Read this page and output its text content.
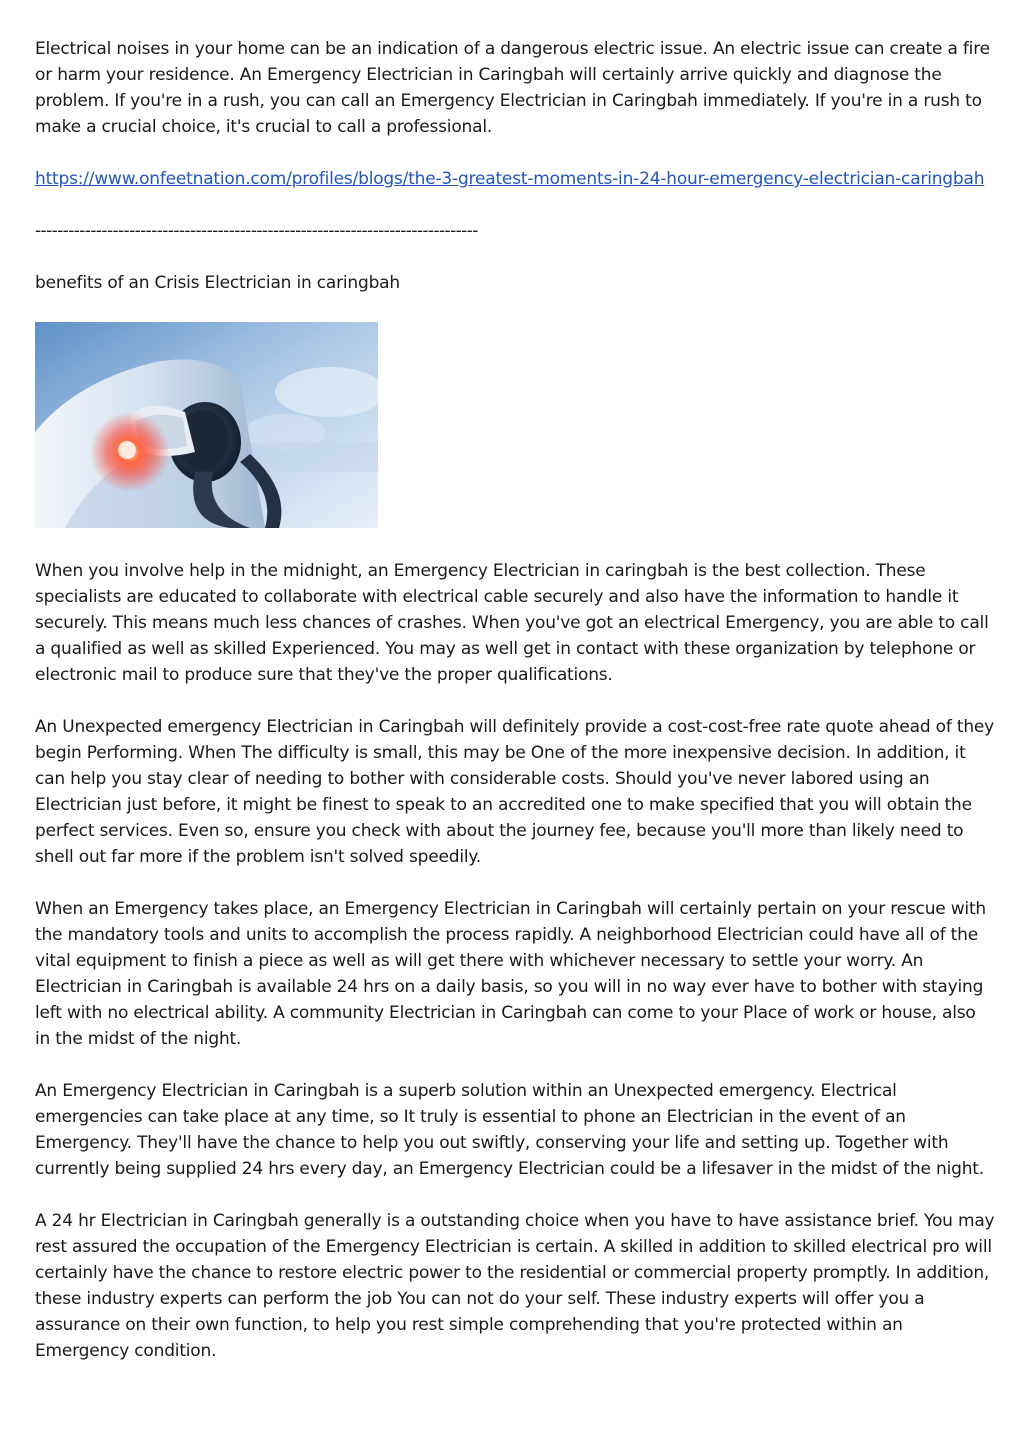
Electrical noises in your home can be an indication of a dangerous electric issue. An electric issue can create a fire or harm your residence. An Emergency Electrician in Caringbah will certainly arrive quickly and diagnose the problem. If you're in a rush, you can call an Emergency Electrician in Caringbah immediately. If you're in a rush to make a crucial choice, it's crucial to call a professional.

https://www.onfeetnation.com/profiles/blogs/the-3-greatest-moments-in-24-hour-emergency-electrician-caringbah
--------------------------------------------------------------------------------

benefits of an Crisis Electrician in caringbah

When you involve help in the midnight, an Emergency Electrician in caringbah is the best collection. These specialists are educated to collaborate with electrical cable securely and also have the information to handle it securely. This means much less chances of crashes. When you've got an electrical Emergency, you are able to call a qualified as well as skilled Experienced. You may as well get in contact with these organization by telephone or electronic mail to produce sure that they've the proper qualifications.

An Unexpected emergency Electrician in Caringbah will definitely provide a cost-cost-free rate quote ahead of they begin Performing. When The difficulty is small, this may be One of the more inexpensive decision. In addition, it can help you stay clear of needing to bother with considerable costs. Should you've never labored using an Electrician just before, it might be finest to speak to an accredited one to make specified that you will obtain the perfect services. Even so, ensure you check with about the journey fee, because you'll more than likely need to shell out far more if the problem isn't solved speedily.

When an Emergency takes place, an Emergency Electrician in Caringbah will certainly pertain on your rescue with the mandatory tools and units to accomplish the process rapidly. A neighborhood Electrician could have all of the vital equipment to finish a piece as well as will get there with whichever necessary to settle your worry. An Electrician in Caringbah is available 24 hrs on a daily basis, so you will in no way ever have to bother with staying left with no electrical ability. A community Electrician in Caringbah can come to your Place of work or house, also in the midst of the night.

An Emergency Electrician in Caringbah is a superb solution within an Unexpected emergency. Electrical emergencies can take place at any time, so It truly is essential to phone an Electrician in the event of an Emergency. They'll have the chance to help you out swiftly, conserving your life and setting up. Together with currently being supplied 24 hrs every day, an Emergency Electrician could be a lifesaver in the midst of the night.

A 24 hr Electrician in Caringbah generally is a outstanding choice when you have to have assistance brief. You may rest assured the occupation of the Emergency Electrician is certain. A skilled in addition to skilled electrical pro will certainly have the chance to restore electric power to the residential or commercial property promptly. In addition, these industry experts can perform the job You can not do your self. These industry experts will offer you a assurance on their own function, to help you rest simple comprehending that you're protected within an Emergency condition.
